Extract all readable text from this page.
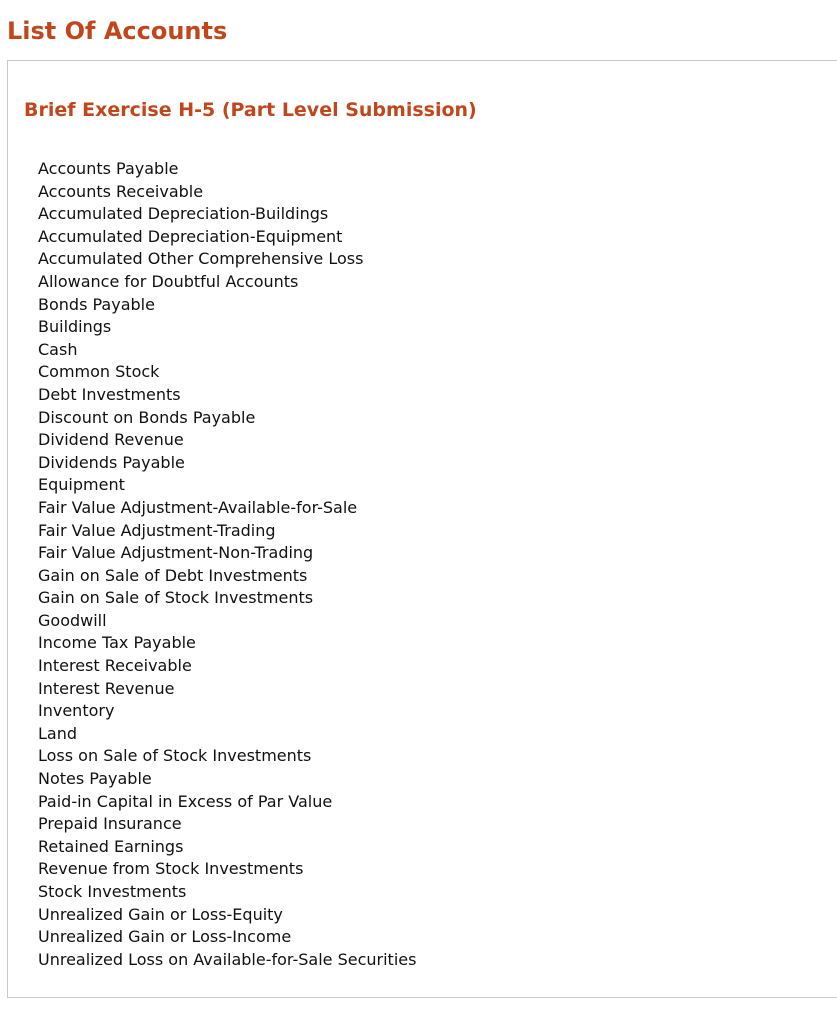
List Of Accounts
Brief Exercise H-5 (Part Level Submission)
Accounts Payable
Accounts Receivable
Accumulated Depreciation-Buildings
Accumulated Depreciation-Equipment
Accumulated Other Comprehensive Loss
Allowance for Doubtful Accounts
Bonds Payable
Buildings
Cash
Common Stock
Debt Investments
Discount on Bonds Payable
Dividend Revenue
Dividends Payable
Equipment
Fair Value Adjustment-Available-for-Sale
Fair Value Adjustment-Trading
Fair Value Adjustment-Non-Trading
Gain on Sale of Debt Investments
Gain on Sale of Stock Investments
Goodwill
Income Tax Payable
Interest Receivable
Interest Revenue
Inventory
Land
Loss on Sale of Stock Investments
Notes Payable
Paid-in Capital in Excess of Par Value
Prepaid Insurance
Retained Earnings
Revenue from Stock Investments
Stock Investments
Unrealized Gain or Loss-Equity
Unrealized Gain or Loss-Income
Unrealized Loss on Available-for-Sale Securities
